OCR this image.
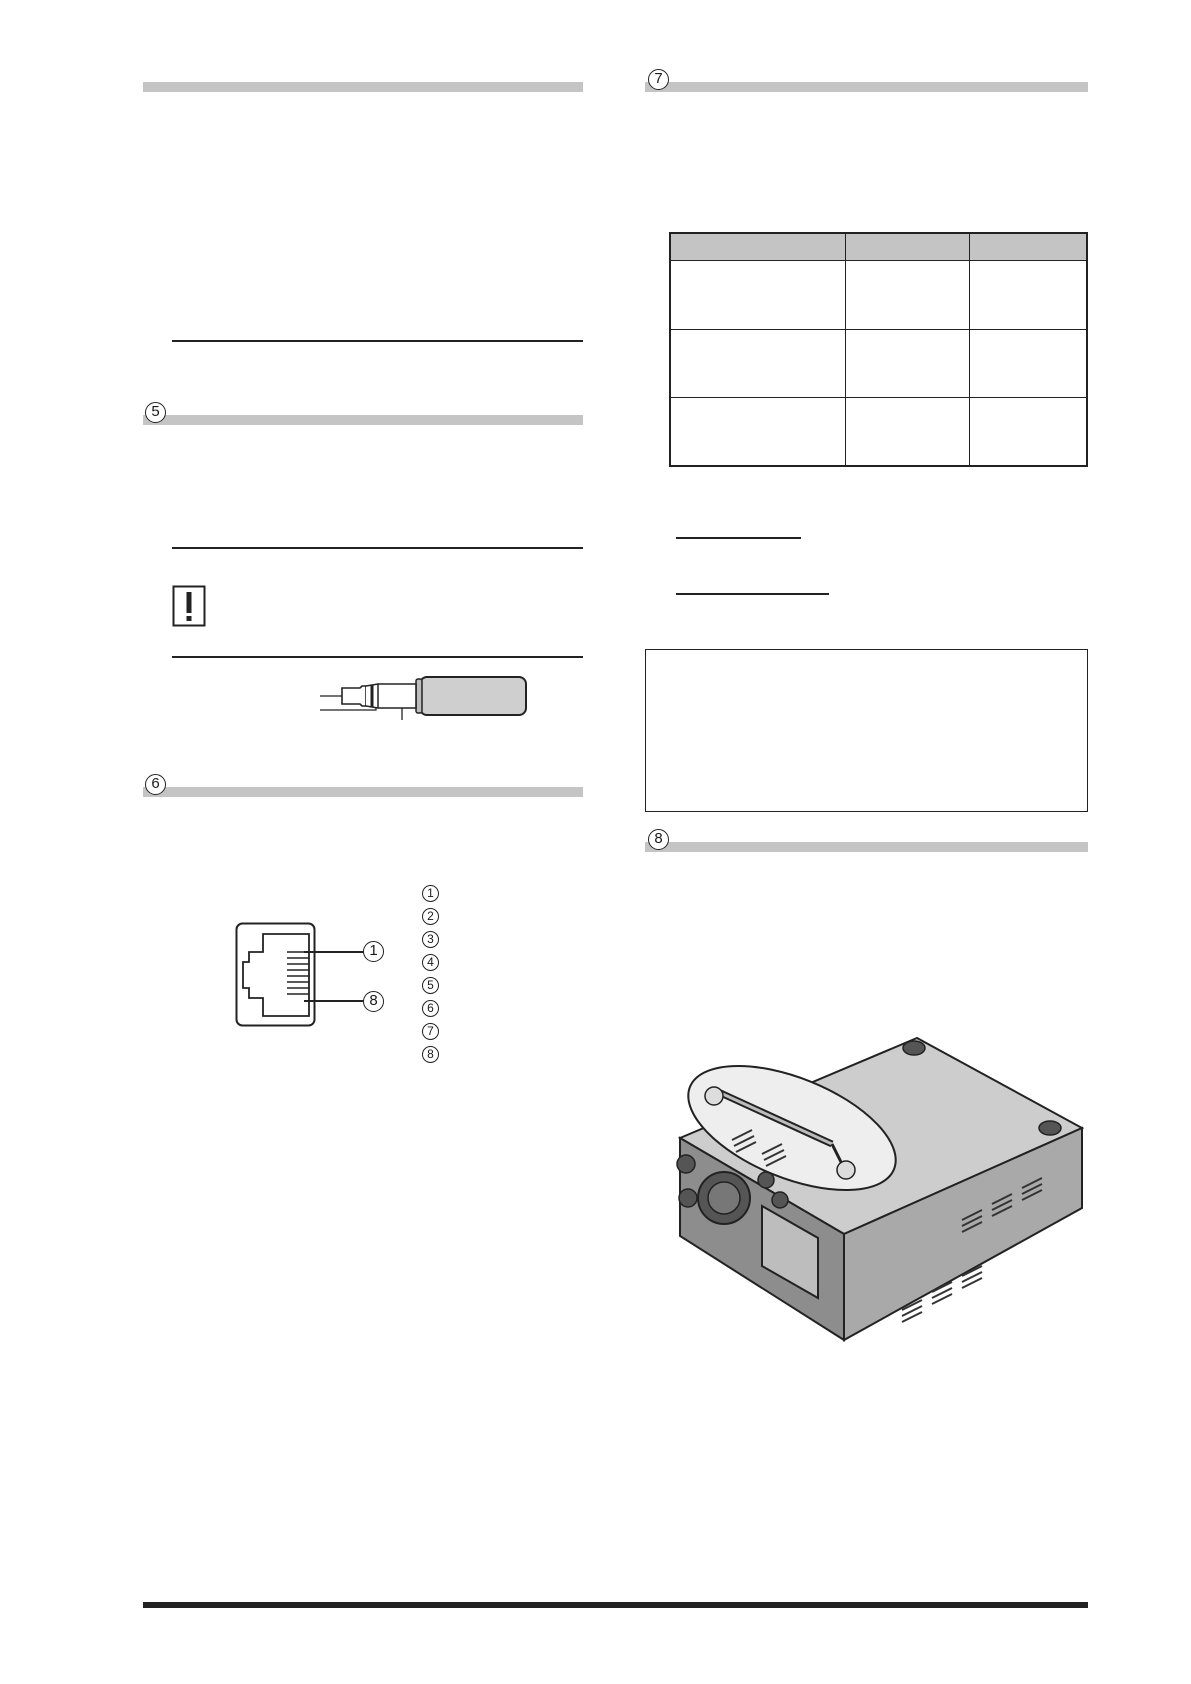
5
6
1
8
1
2
3
4
5
6
7
8
7

8
